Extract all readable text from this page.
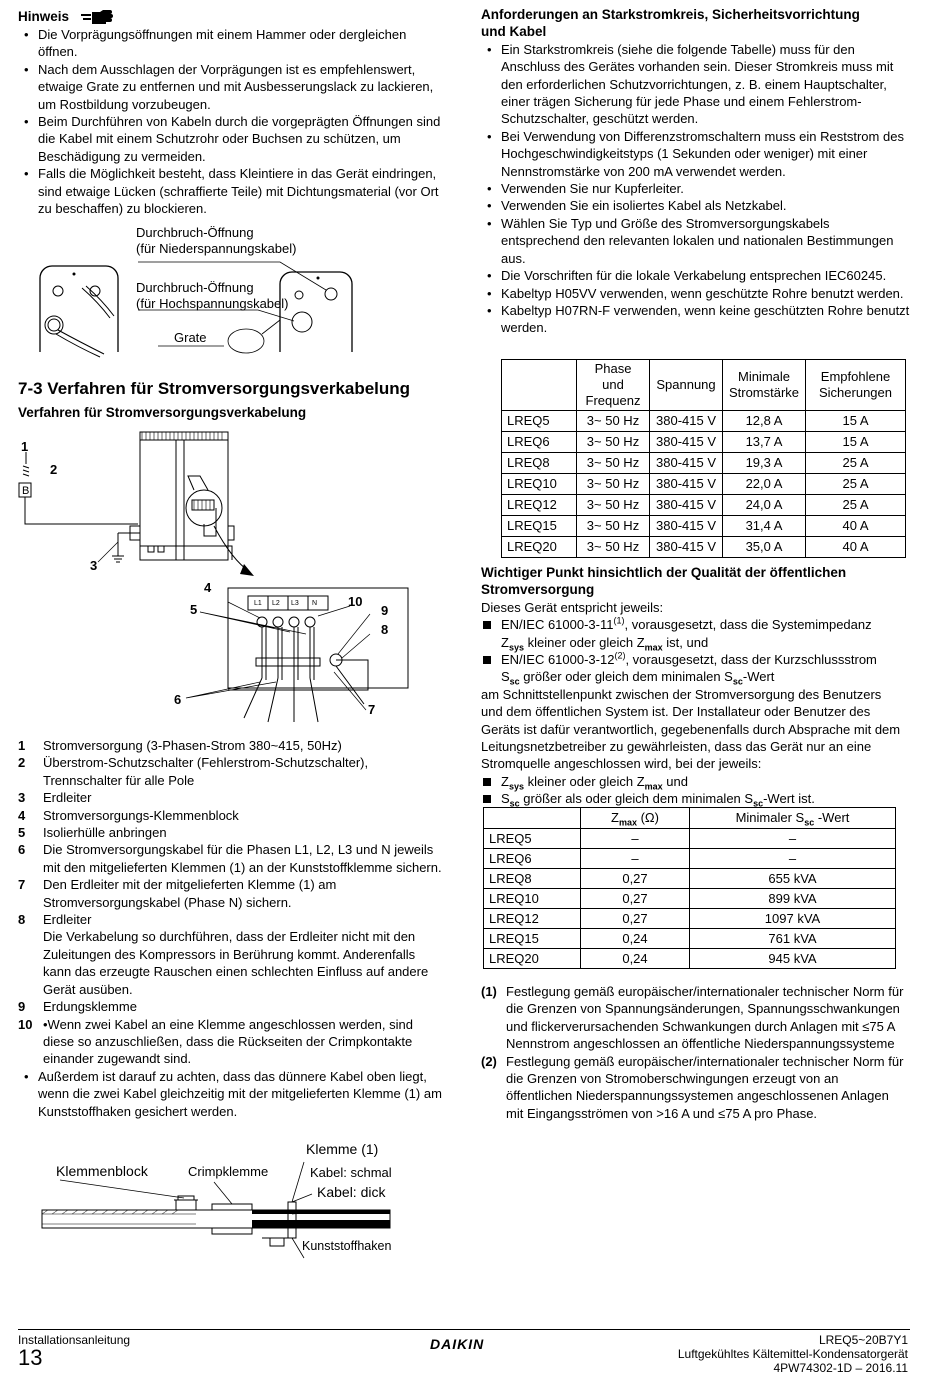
Hinweis
• Die Vorprägungsöffnungen mit einem Hammer oder dergleichen öffnen.
• Nach dem Ausschlagen der Vorprägungen ist es empfehlenswert, etwaige Grate zu entfernen und mit Ausbesserungslack zu lackieren, um Rostbildung vorzubeugen.
• Beim Durchführen von Kabeln durch die vorgeprägten Öffnungen sind die Kabel mit einem Schutzrohr oder Buchsen zu schützen, um Beschädigung zu vermeiden.
• Falls die Möglichkeit besteht, dass Kleintiere in das Gerät eindringen, sind etwaige Lücken (schraffierte Teile) mit Dichtungsmaterial (vor Ort zu beschaffen) zu blockieren.
Durchbruch-Öffnung
(für Niederspannungskabel)
Durchbruch-Öffnung
(für Hochspannungskabel)
Grate
7-3 Verfahren für Stromversorgungsverkabelung
Verfahren für Stromversorgungsverkabelung
1
2
B
3
4
5
6
7
8
9
10
L1 L2 L3 N
1 Stromversorgung (3-Phasen-Strom 380~415, 50Hz)
2 Überstrom-Schutzschalter (Fehlerstrom-Schutzschalter), Trennschalter für alle Pole
3 Erdleiter
4 Stromversorgungs-Klemmenblock
5 Isolierhülle anbringen
6 Die Stromversorgungskabel für die Phasen L1, L2, L3 und N jeweils mit den mitgelieferten Klemmen (1) an der Kunststoffklemme sichern.
7 Den Erdleiter mit der mitgelieferten Klemme (1) am Stromversorgungskabel (Phase N) sichern.
8 Erdleiter
Die Verkabelung so durchführen, dass der Erdleiter nicht mit den Zuleitungen des Kompressors in Berührung kommt. Anderenfalls kann das erzeugte Rauschen einen schlechten Einfluss auf andere Gerät ausüben.
9 Erdungsklemme
10 •Wenn zwei Kabel an eine Klemme angeschlossen werden, sind diese so anzuschließen, dass die Rückseiten der Crimpkontakte einander zugewandt sind.
• Außerdem ist darauf zu achten, dass das dünnere Kabel oben liegt, wenn die zwei Kabel gleichzeitig mit der mitgelieferten Klemme (1) am Kunststoffhaken gesichert werden.
Klemmenblock	Crimpklemme
Klemme (1)
Kabel: schmal
Kabel: dick
Kunststoffhaken
Anforderungen an Starkstromkreis, Sicherheitsvorrichtung und Kabel
• Ein Starkstromkreis (siehe die folgende Tabelle) muss für den Anschluss des Gerätes vorhanden sein. Dieser Stromkreis muss mit den erforderlichen Schutzvorrichtungen, z. B. einem Hauptschalter, einer trägen Sicherung für jede Phase und einem Fehlerstrom-Schutzschalter, geschützt werden.
• Bei Verwendung von Differenzstromschaltern muss ein Reststrom des Hochgeschwindigkeitstyps (1 Sekunden oder weniger) mit einer Nennstromstärke von 200 mA verwendet werden.
• Verwenden Sie nur Kupferleiter.
• Verwenden Sie ein isoliertes Kabel als Netzkabel.
• Wählen Sie Typ und Größe des Stromversorgungskabels entsprechend den relevanten lokalen und nationalen Bestimmungen aus.
• Die Vorschriften für die lokale Verkabelung entsprechen IEC60245.
• Kabeltyp H05VV verwenden, wenn geschützte Rohre benutzt werden.
• Kabeltyp H07RN-F verwenden, wenn keine geschützten Rohre benutzt werden.
	Phase und Frequenz	Spannung	Minimale Stromstärke	Empfohlene Sicherungen
LREQ5	3~ 50 Hz	380-415 V	12,8 A	15 A
LREQ6	3~ 50 Hz	380-415 V	13,7 A	15 A
LREQ8	3~ 50 Hz	380-415 V	19,3 A	25 A
LREQ10	3~ 50 Hz	380-415 V	22,0 A	25 A
LREQ12	3~ 50 Hz	380-415 V	24,0 A	25 A
LREQ15	3~ 50 Hz	380-415 V	31,4 A	40 A
LREQ20	3~ 50 Hz	380-415 V	35,0 A	40 A
Wichtiger Punkt hinsichtlich der Qualität der öffentlichen Stromversorgung
Dieses Gerät entspricht jeweils:
EN/IEC 61000-3-11$^{(1)}$, vorausgesetzt, dass die Systemimpedanz
$Z_{sys}$ kleiner oder gleich $Z_{max}$ ist, und
EN/IEC 61000-3-12$^{(2)}$, vorausgesetzt, dass der Kurzschlussstrom
$S_{sc}$ größer oder gleich dem minimalen $S_{sc}$-Wert
am Schnittstellenpunkt zwischen der Stromversorgung des Benutzers und dem öffentlichen System ist. Der Installateur oder Benutzer des Geräts ist dafür verantwortlich, gegebenenfalls durch Absprache mit dem Leitungsnetzbetreiber zu gewährleisten, dass das Gerät nur an eine Stromquelle angeschlossen wird, bei der jeweils:
$Z_{sys}$ kleiner oder gleich $Z_{max}$ und
$S_{sc}$ größer als oder gleich dem minimalen $S_{sc}$-Wert ist.
	$Z_{max}$ (Ω)	Minimaler $S_{sc}$ -Wert
LREQ5	–	–
LREQ6	–	–
LREQ8	0,27	655 kVA
LREQ10	0,27	899 kVA
LREQ12	0,27	1097 kVA
LREQ15	0,24	761 kVA
LREQ20	0,24	945 kVA
(1) Festlegung gemäß europäischer/internationaler technischer Norm für die Grenzen von Spannungsänderungen, Spannungsschwankungen und flickerverursachenden Schwankungen durch Anlagen mit ≤75 A Nennstrom angeschlossen an öffentliche Niederspannungssysteme
(2) Festlegung gemäß europäischer/internationaler technischer Norm für die Grenzen von Stromoberschwingungen erzeugt von an öffentlichen Niederspannungssystemen angeschlossenen Anlagen mit Eingangsströmen von >16 A und ≤75 A pro Phase.
Installationsanleitung
13
DAIKIN	LREQ5~20B7Y1
Luftgekühltes Kältemittel-Kondensatorgerät
4PW74302-1D – 2016.11
